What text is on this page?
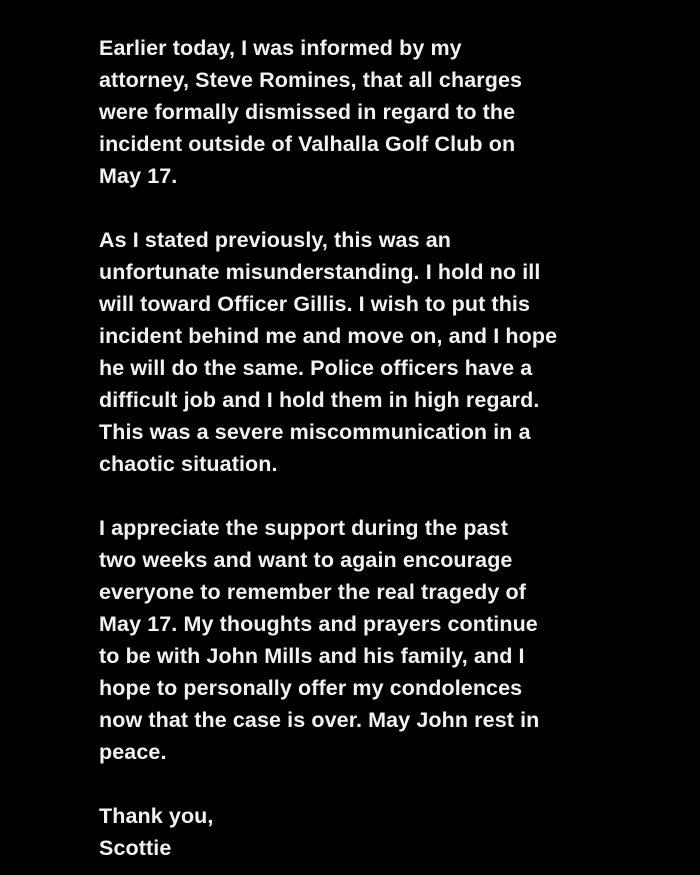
Earlier today, I was informed by my
attorney, Steve Romines, that all charges
were formally dismissed in regard to the
incident outside of Valhalla Golf Club on
May 17.
As I stated previously, this was an
unfortunate misunderstanding. I hold no ill
will toward Officer Gillis. I wish to put this
incident behind me and move on, and I hope
he will do the same. Police officers have a
difficult job and I hold them in high regard.
This was a severe miscommunication in a
chaotic situation.
I appreciate the support during the past
two weeks and want to again encourage
everyone to remember the real tragedy of
May 17. My thoughts and prayers continue
to be with John Mills and his family, and I
hope to personally offer my condolences
now that the case is over. May John rest in
peace.
Thank you,
Scottie
